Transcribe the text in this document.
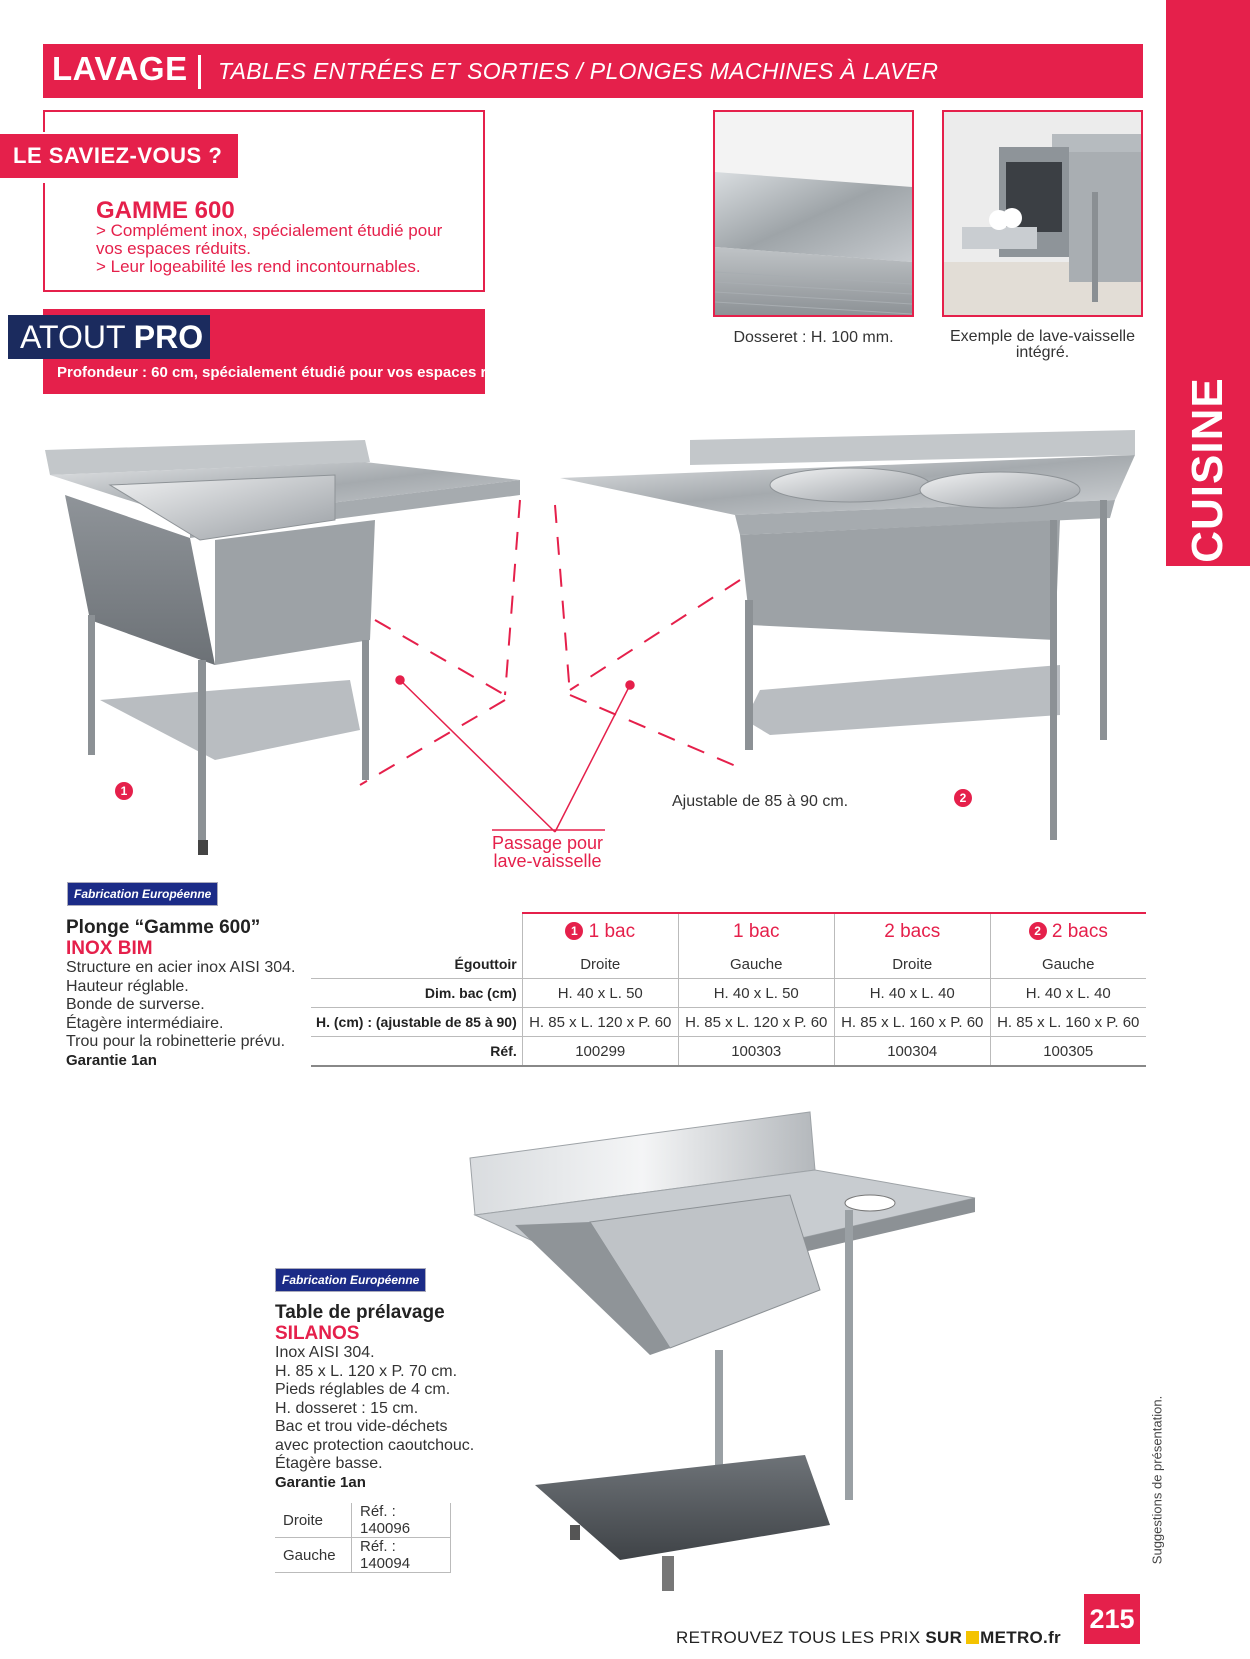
LAVAGE TABLES ENTRÉES ET SORTIES / PLONGES MACHINES À LAVER
CUISINE
LE SAVIEZ-VOUS ?
GAMME 600
> Complément inox, spécialement étudié pour
vos espaces réduits.
> Leur logeabilité les rend incontournables.
ATOUT PRO
Profondeur : 60 cm, spécialement étudié pour vos espaces réduits
Dosseret : H. 100 mm.	Exemple de lave-vaisselle
intégré.
1	2
Ajustable de 85 à 90 cm.
Passage pour
lave-vaisselle
Fabrication Européenne
Plonge “Gamme 600”
INOX BIM
Structure en acier inox AISI 304.
Hauteur réglable.
Bonde de surverse.
Étagère intermédiaire.
Trou pour la robinetterie prévu.
Garantie 1an
	1 1 bac	1 bac	2 bacs	2 2 bacs
Égouttoir	Droite	Gauche	Droite	Gauche
Dim. bac (cm)	H. 40 x L. 50	H. 40 x L. 50	H. 40 x L. 40	H. 40 x L. 40
H. (cm) : (ajustable de 85 à 90)	H. 85 x L. 120 x P. 60	H. 85 x L. 120 x P. 60	H. 85 x L. 160 x P. 60	H. 85 x L. 160 x P. 60
Réf.	100299	100303	100304	100305
Fabrication Européenne
Table de prélavage
SILANOS
Inox AISI 304.
H. 85 x L. 120 x P. 70 cm.
Pieds réglables de 4 cm.
H. dosseret : 15 cm.
Bac et trou vide-déchets
avec protection caoutchouc.
Étagère basse.
Garantie 1an
Droite	Réf. : 140096
Gauche	Réf. : 140094	Suggestions de présentation.
215
RETROUVEZ TOUS LES PRIX SUR METRO.fr
